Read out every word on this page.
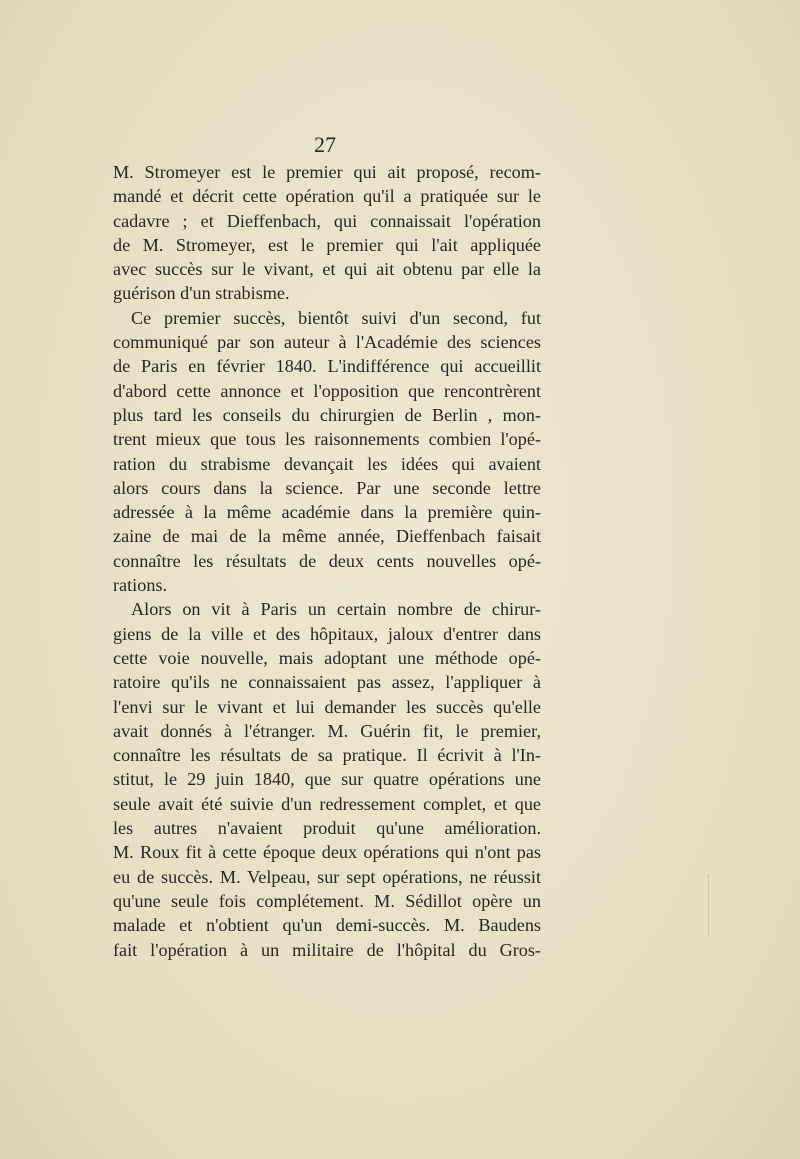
27
M. Stromeyer est le premier qui ait proposé, recom-
mandé et décrit cette opération qu'il a pratiquée sur le
cadavre ; et Dieffenbach, qui connaissait l'opération
de M. Stromeyer, est le premier qui l'ait appliquée
avec succès sur le vivant, et qui ait obtenu par elle la
guérison d'un strabisme.
Ce premier succès, bientôt suivi d'un second, fut
communiqué par son auteur à l'Académie des sciences
de Paris en février 1840. L'indifférence qui accueillit
d'abord cette annonce et l'opposition que rencontrèrent
plus tard les conseils du chirurgien de Berlin , mon-
trent mieux que tous les raisonnements combien l'opé-
ration du strabisme devançait les idées qui avaient
alors cours dans la science. Par une seconde lettre
adressée à la même académie dans la première quin-
zaine de mai de la même année, Dieffenbach faisait
connaître les résultats de deux cents nouvelles opé-
rations.
Alors on vit à Paris un certain nombre de chirur-
giens de la ville et des hôpitaux, jaloux d'entrer dans
cette voie nouvelle, mais adoptant une méthode opé-
ratoire qu'ils ne connaissaient pas assez, l'appliquer à
l'envi sur le vivant et lui demander les succès qu'elle
avait donnés à l'étranger. M. Guérin fit, le premier,
connaître les résultats de sa pratique. Il écrivit à l'In-
stitut, le 29 juin 1840, que sur quatre opérations une
seule avait été suivie d'un redressement complet, et que
les autres n'avaient produit qu'une amélioration.
M. Roux fit à cette époque deux opérations qui n'ont pas
eu de succès. M. Velpeau, sur sept opérations, ne réussit
qu'une seule fois complétement. M. Sédillot opère un
malade et n'obtient qu'un demi-succès. M. Baudens
fait l'opération à un militaire de l'hôpital du Gros-
